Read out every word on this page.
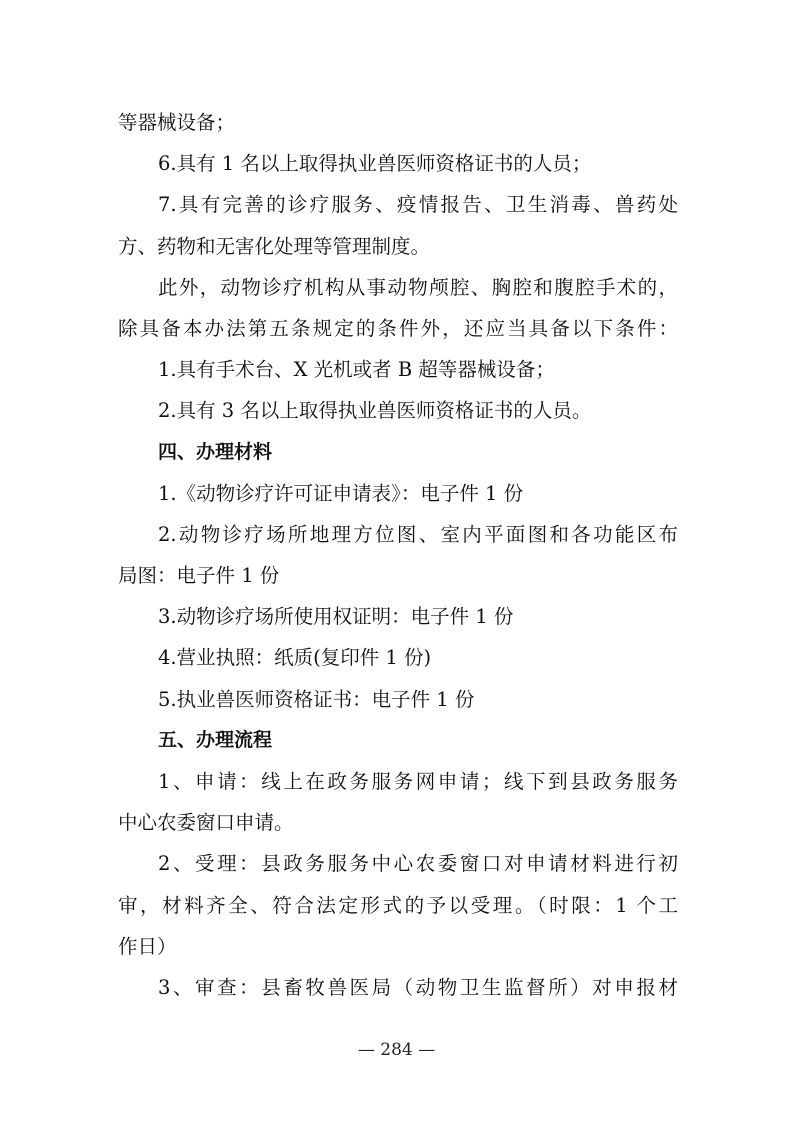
等器械设备；
6.具有 1 名以上取得执业兽医师资格证书的人员；
7.具有完善的诊疗服务、疫情报告、卫生消毒、兽药处
方、药物和无害化处理等管理制度。
此外，动物诊疗机构从事动物颅腔、胸腔和腹腔手术的，
除具备本办法第五条规定的条件外，还应当具备以下条件：
1.具有手术台、X 光机或者 B 超等器械设备；
2.具有 3 名以上取得执业兽医师资格证书的人员。
四、办理材料
1.《动物诊疗许可证申请表》：电子件 1 份
2.动物诊疗场所地理方位图、室内平面图和各功能区布
局图：电子件 1 份
3.动物诊疗场所使用权证明：电子件 1 份
4.营业执照：纸质(复印件 1 份)
5.执业兽医师资格证书：电子件 1 份
五、办理流程
1、申请：线上在政务服务网申请；线下到县政务服务
中心农委窗口申请。
2、受理：县政务服务中心农委窗口对申请材料进行初
审，材料齐全、符合法定形式的予以受理。（时限：1 个工
作日）
3、审查：县畜牧兽医局（动物卫生监督所）对申报材
— 284 —
